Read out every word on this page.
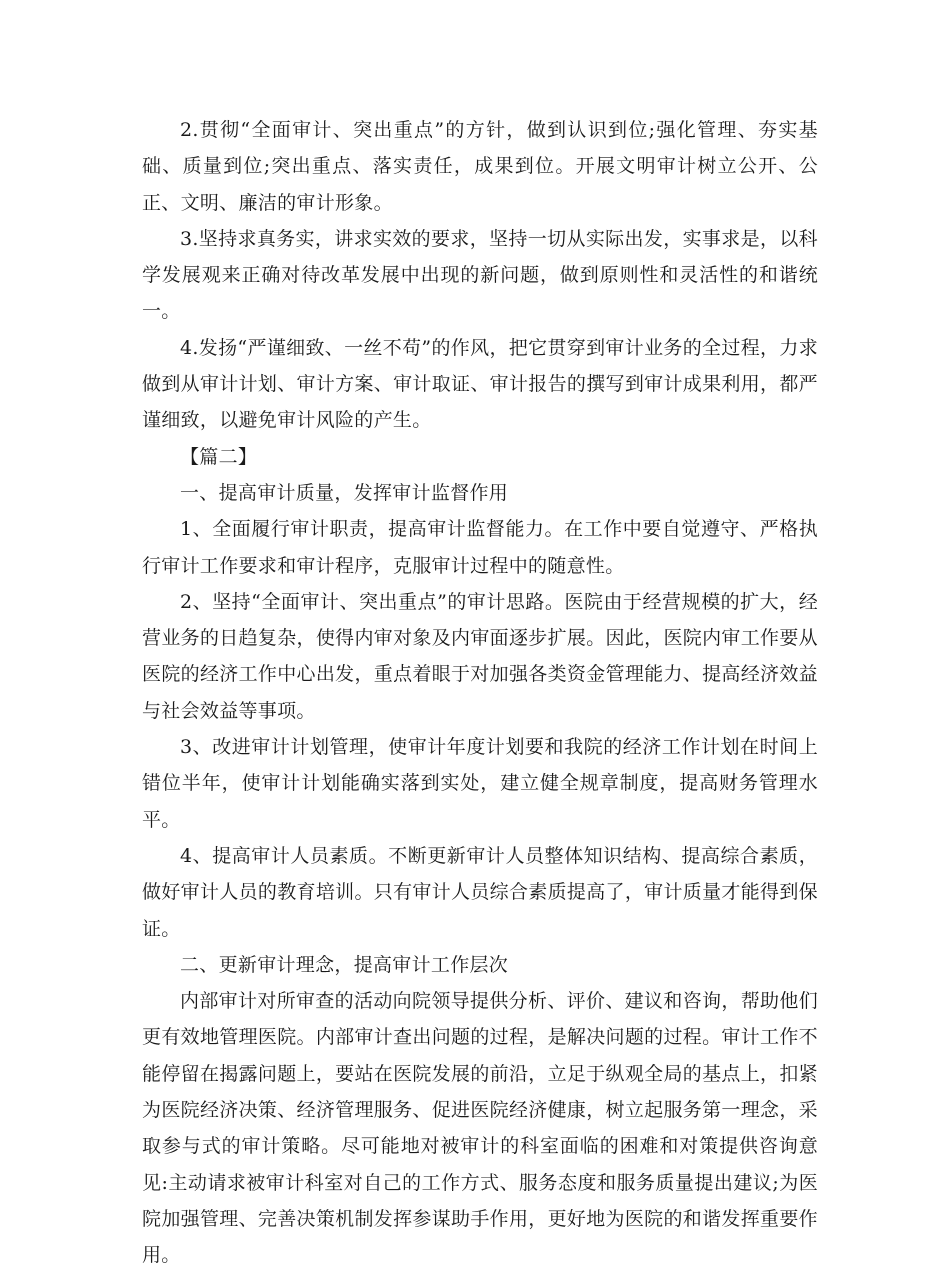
2.贯彻“全面审计、突出重点”的方针，做到认识到位;强化管理、夯实基础、质量到位;突出重点、落实责任，成果到位。开展文明审计树立公开、公正、文明、廉洁的审计形象。

3.坚持求真务实，讲求实效的要求，坚持一切从实际出发，实事求是，以科学发展观来正确对待改革发展中出现的新问题，做到原则性和灵活性的和谐统一。

4.发扬“严谨细致、一丝不苟”的作风，把它贯穿到审计业务的全过程，力求做到从审计计划、审计方案、审计取证、审计报告的撰写到审计成果利用，都严谨细致，以避免审计风险的产生。

【篇二】

一、提高审计质量，发挥审计监督作用

1、全面履行审计职责，提高审计监督能力。在工作中要自觉遵守、严格执行审计工作要求和审计程序，克服审计过程中的随意性。

2、坚持“全面审计、突出重点”的审计思路。医院由于经营规模的扩大，经营业务的日趋复杂，使得内审对象及内审面逐步扩展。因此，医院内审工作要从医院的经济工作中心出发，重点着眼于对加强各类资金管理能力、提高经济效益与社会效益等事项。

3、改进审计计划管理，使审计年度计划要和我院的经济工作计划在时间上错位半年，使审计计划能确实落到实处，建立健全规章制度，提高财务管理水平。

4、提高审计人员素质。不断更新审计人员整体知识结构、提高综合素质，做好审计人员的教育培训。只有审计人员综合素质提高了，审计质量才能得到保证。

二、更新审计理念，提高审计工作层次

内部审计对所审查的活动向院领导提供分析、评价、建议和咨询，帮助他们更有效地管理医院。内部审计查出问题的过程，是解决问题的过程。审计工作不能停留在揭露问题上，要站在医院发展的前沿，立足于纵观全局的基点上，扣紧为医院经济决策、经济管理服务、促进医院经济健康，树立起服务第一理念，采取参与式的审计策略。尽可能地对被审计的科室面临的困难和对策提供咨询意见:主动请求被审计科室对自己的工作方式、服务态度和服务质量提出建议;为医院加强管理、完善决策机制发挥参谋助手作用，更好地为医院的和谐发挥重要作用。
